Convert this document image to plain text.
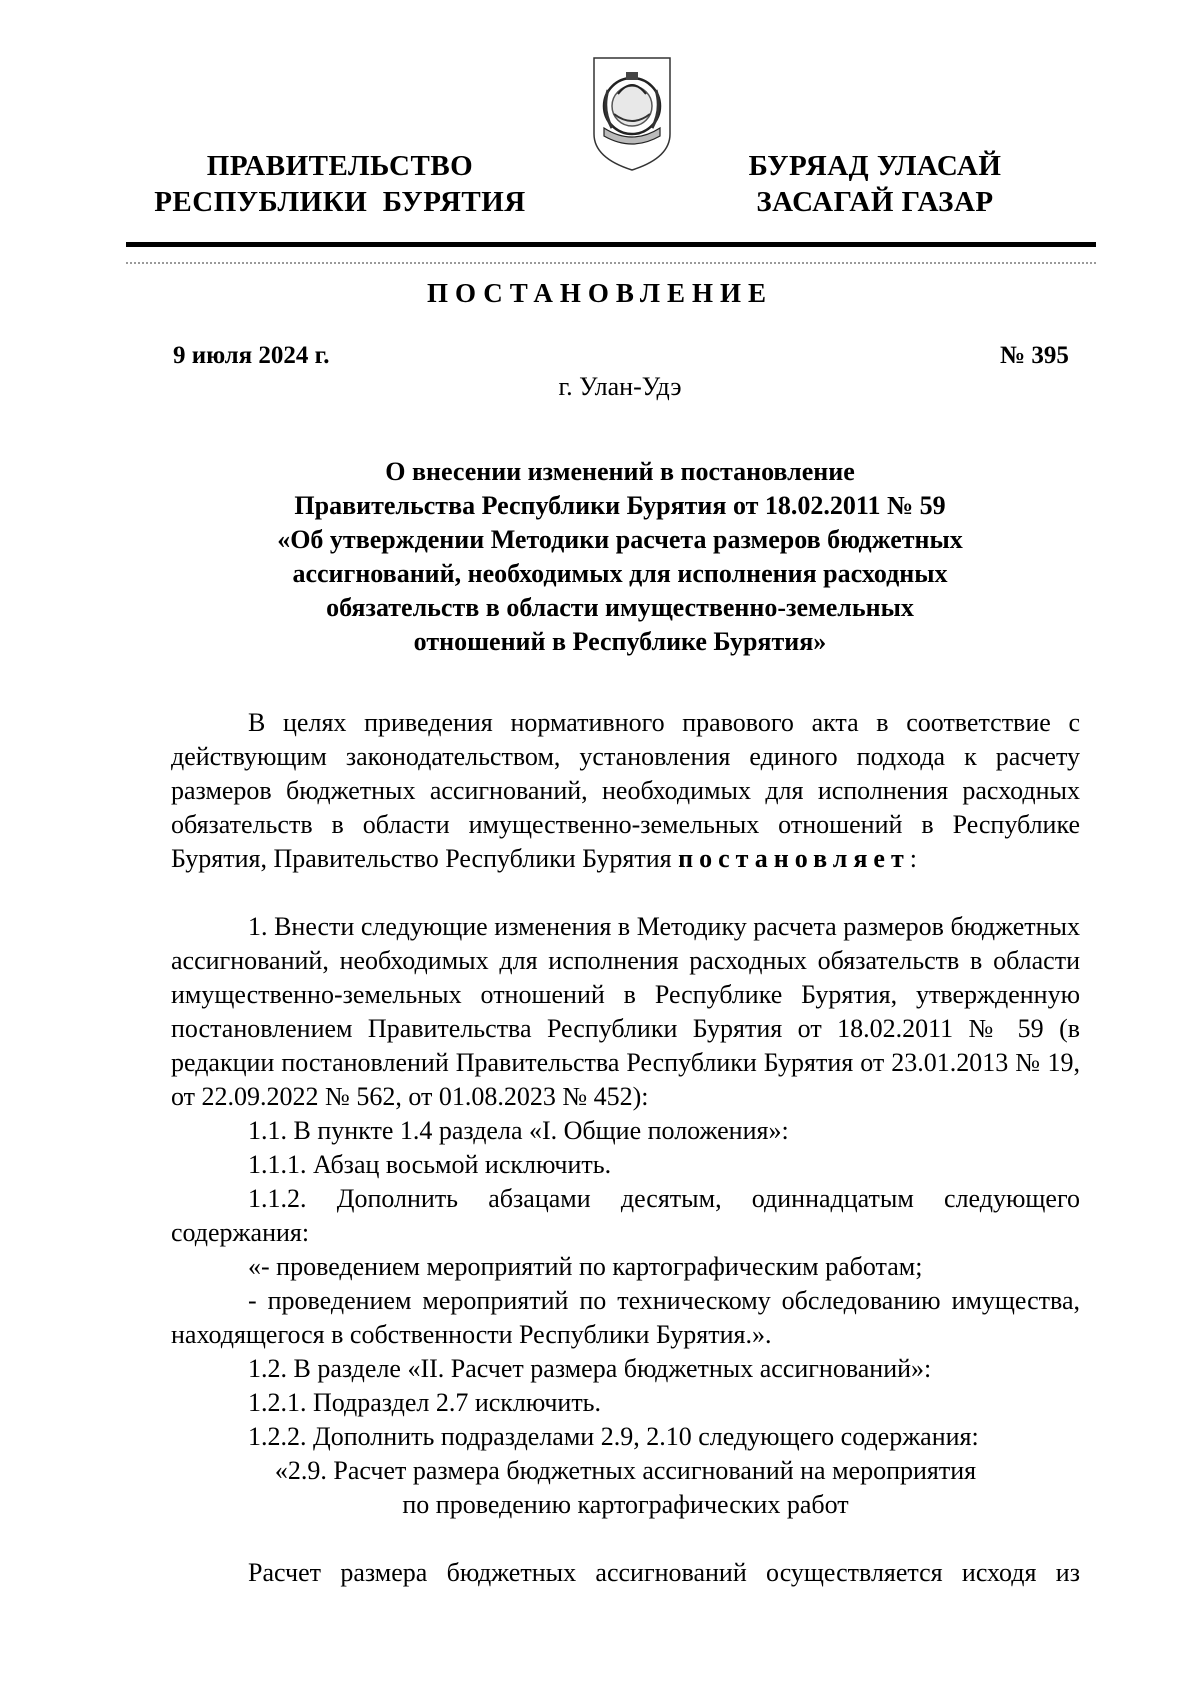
ПРАВИТЕЛЬСТВО
РЕСПУБЛИКИ  БУРЯТИЯ
БУРЯАД УЛАСАЙ
ЗАСАГАЙ ГАЗАР
ПОСТАНОВЛЕНИЕ
9 июля 2024 г.	№ 395
г. Улан-Удэ
О внесении изменений в постановление
Правительства Республики Бурятия от 18.02.2011 № 59
«Об утверждении Методики расчета размеров бюджетных
ассигнований, необходимых для исполнения расходных
обязательств в области имущественно-земельных
отношений в Республике Бурятия»

В целях приведения нормативного правового акта в соответствие с действующим законодательством, установления единого подхода к расчету размеров бюджетных ассигнований, необходимых для исполнения расходных обязательств в области имущественно-земельных отношений в Республике Бурятия, Правительство Республики Бурятия постановляет:

1. Внести следующие изменения в Методику расчета размеров бюджетных ассигнований, необходимых для исполнения расходных обязательств в области имущественно-земельных отношений в Республике Бурятия, утвержденную постановлением Правительства Республики Бурятия от 18.02.2011 № 59 (в редакции постановлений Правительства Республики Бурятия от 23.01.2013 № 19, от 22.09.2022 № 562, от 01.08.2023 № 452):

1.1. В пункте 1.4 раздела «I. Общие положения»:

1.1.1. Абзац восьмой исключить.

1.1.2. Дополнить абзацами десятым, одиннадцатым следующего содержания:

«- проведением мероприятий по картографическим работам;

- проведением мероприятий по техническому обследованию имущества, находящегося в собственности Республики Бурятия.».

1.2. В разделе «II. Расчет размера бюджетных ассигнований»:

1.2.1. Подраздел 2.7 исключить.

1.2.2. Дополнить подразделами 2.9, 2.10 следующего содержания:

«2.9. Расчет размера бюджетных ассигнований на мероприятия

по проведению картографических работ

Расчет размера бюджетных ассигнований осуществляется исходя из
